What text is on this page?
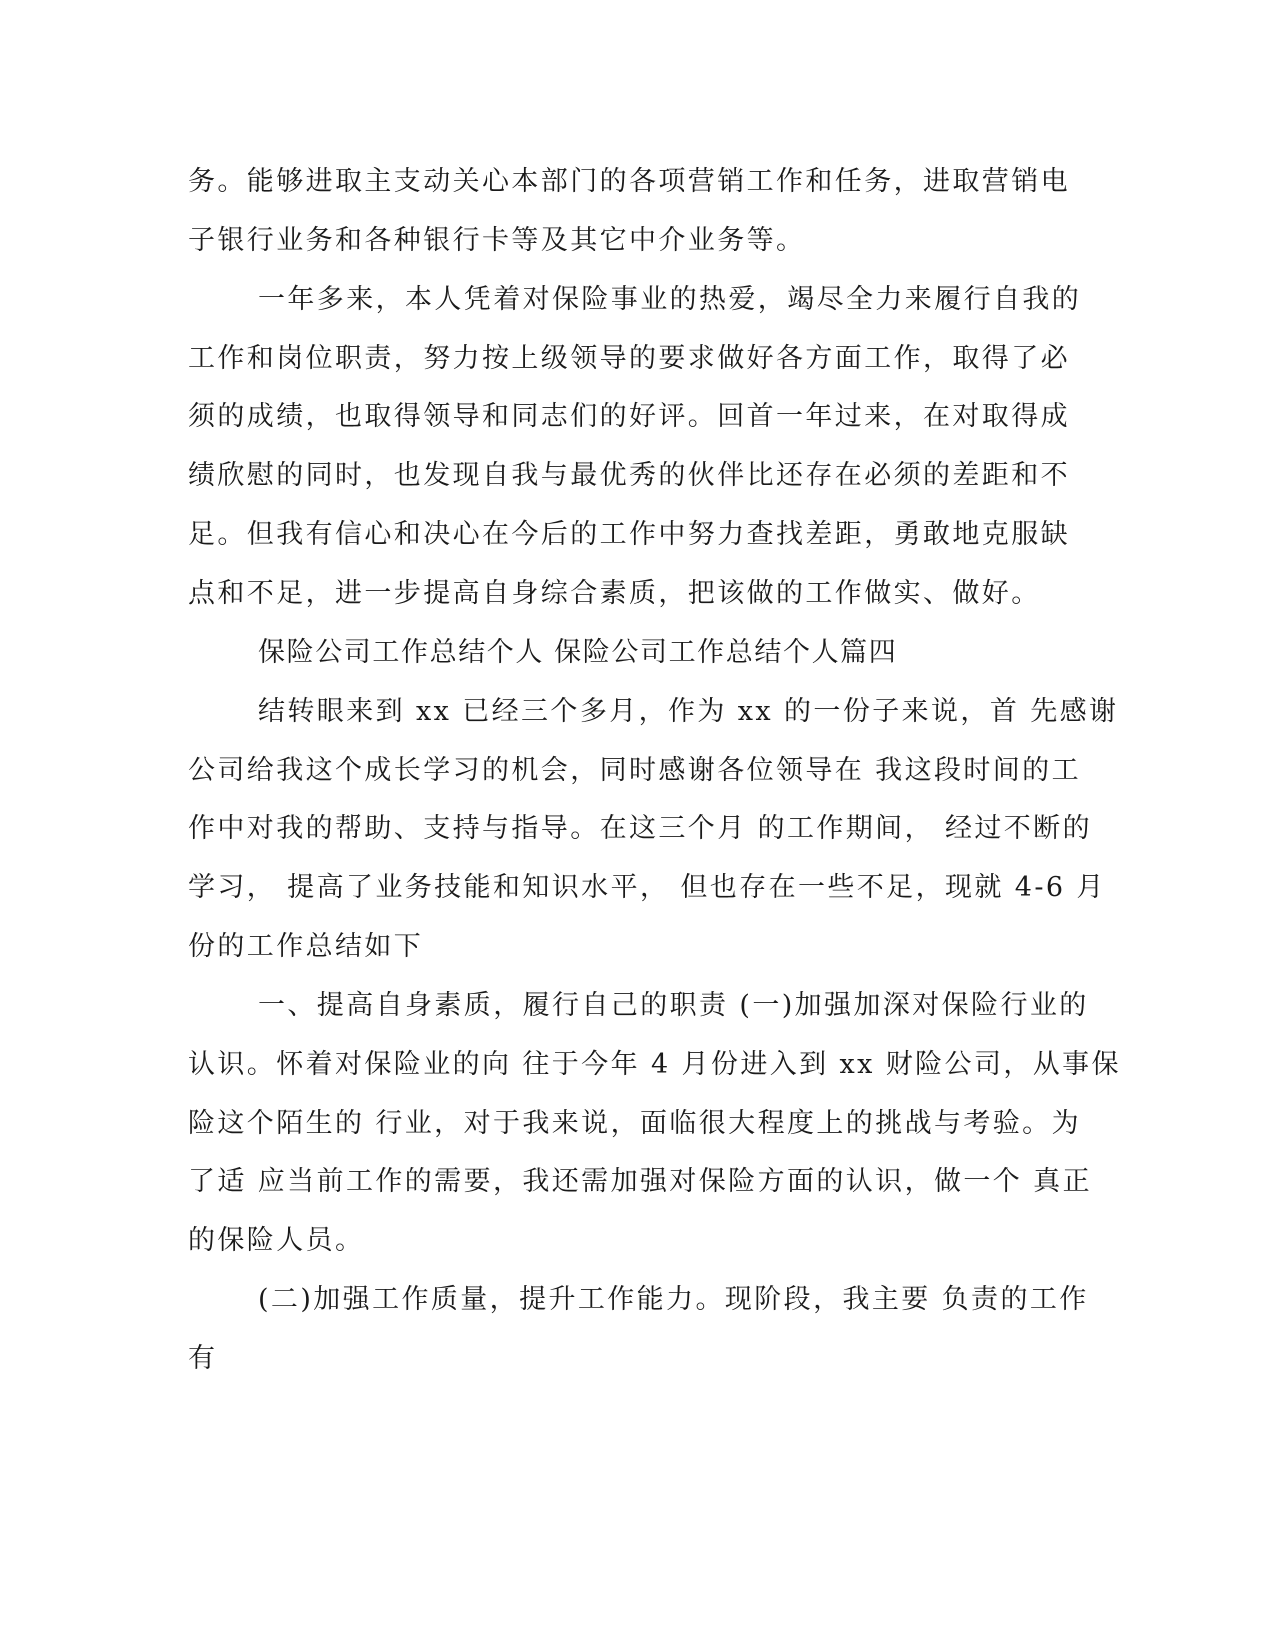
务。能够进取主支动关心本部门的各项营销工作和任务，进取营销电
子银行业务和各种银行卡等及其它中介业务等。
一年多来，本人凭着对保险事业的热爱，竭尽全力来履行自我的
工作和岗位职责，努力按上级领导的要求做好各方面工作，取得了必
须的成绩，也取得领导和同志们的好评。回首一年过来，在对取得成
绩欣慰的同时，也发现自我与最优秀的伙伴比还存在必须的差距和不
足。但我有信心和决心在今后的工作中努力查找差距，勇敢地克服缺
点和不足，进一步提高自身综合素质，把该做的工作做实、做好。
保险公司工作总结个人 保险公司工作总结个人篇四
结转眼来到 xx 已经三个多月，作为 xx 的一份子来说，首 先感谢
公司给我这个成长学习的机会，同时感谢各位领导在 我这段时间的工
作中对我的帮助、支持与指导。在这三个月 的工作期间， 经过不断的
学习， 提高了业务技能和知识水平， 但也存在一些不足，现就 4-6 月
份的工作总结如下
一、提高自身素质，履行自己的职责 (一)加强加深对保险行业的
认识。怀着对保险业的向 往于今年 4 月份进入到 xx 财险公司，从事保
险这个陌生的 行业，对于我来说，面临很大程度上的挑战与考验。为
了适 应当前工作的需要，我还需加强对保险方面的认识，做一个 真正
的保险人员。
(二)加强工作质量，提升工作能力。现阶段，我主要 负责的工作
有
